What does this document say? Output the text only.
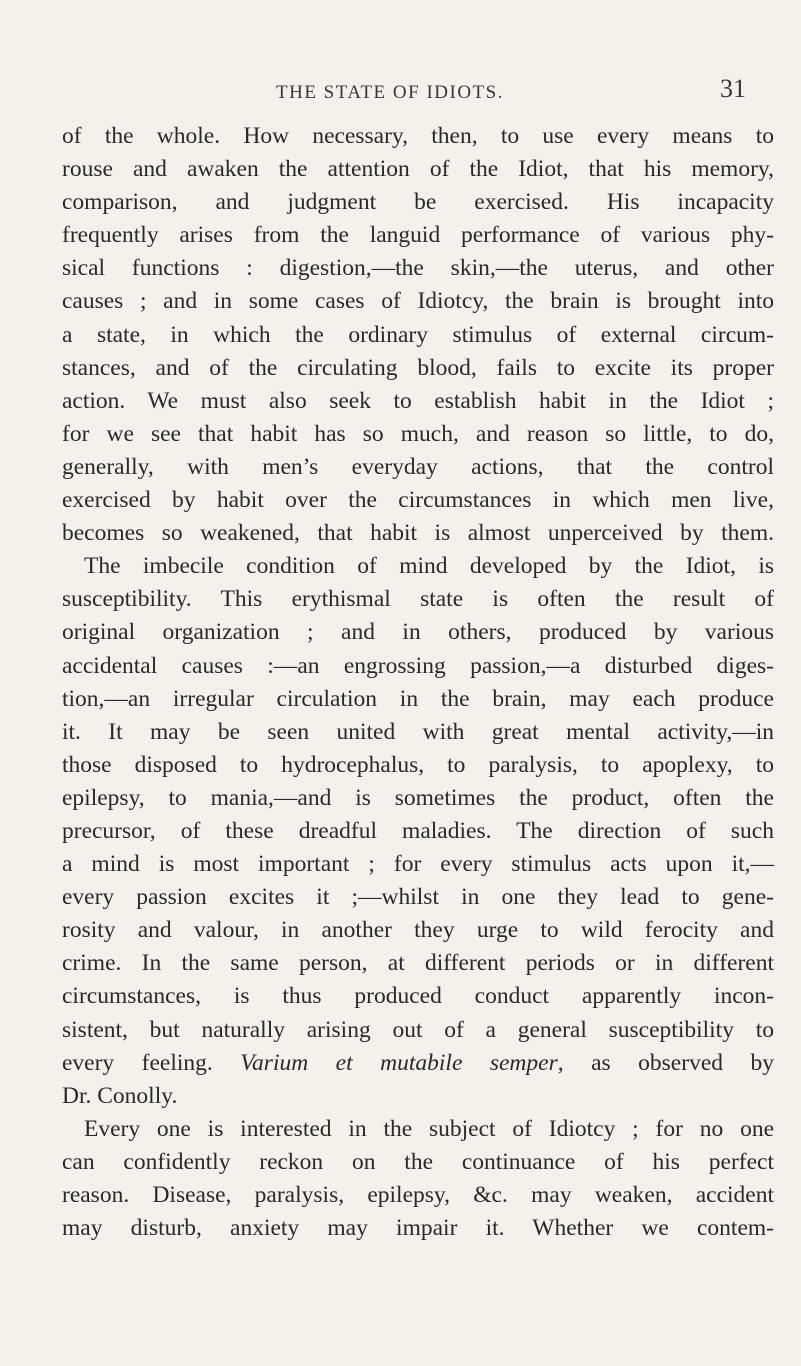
THE STATE OF IDIOTS.	31
of the whole. How necessary, then, to use every means to
rouse and awaken the attention of the Idiot, that his memory,
comparison, and judgment be exercised. His incapacity
frequently arises from the languid performance of various phy-
sical functions : digestion,—the skin,—the uterus, and other
causes ; and in some cases of Idiotcy, the brain is brought into
a state, in which the ordinary stimulus of external circum-
stances, and of the circulating blood, fails to excite its proper
action. We must also seek to establish habit in the Idiot ;
for we see that habit has so much, and reason so little, to do,
generally, with men’s everyday actions, that the control
exercised by habit over the circumstances in which men live,
becomes so weakened, that habit is almost unperceived by them.
The imbecile condition of mind developed by the Idiot, is
susceptibility. This erythismal state is often the result of
original organization ; and in others, produced by various
accidental causes :—an engrossing passion,—a disturbed diges-
tion,—an irregular circulation in the brain, may each produce
it. It may be seen united with great mental activity,—in
those disposed to hydrocephalus, to paralysis, to apoplexy, to
epilepsy, to mania,—and is sometimes the product, often the
precursor, of these dreadful maladies. The direction of such
a mind is most important ; for every stimulus acts upon it,—
every passion excites it ;—whilst in one they lead to gene-
rosity and valour, in another they urge to wild ferocity and
crime. In the same person, at different periods or in different
circumstances, is thus produced conduct apparently incon-
sistent, but naturally arising out of a general susceptibility to
every feeling. Varium et mutabile semper, as observed by
Dr. Conolly.
Every one is interested in the subject of Idiotcy ; for no one
can confidently reckon on the continuance of his perfect
reason. Disease, paralysis, epilepsy, &c. may weaken, accident
may disturb, anxiety may impair it. Whether we contem-
